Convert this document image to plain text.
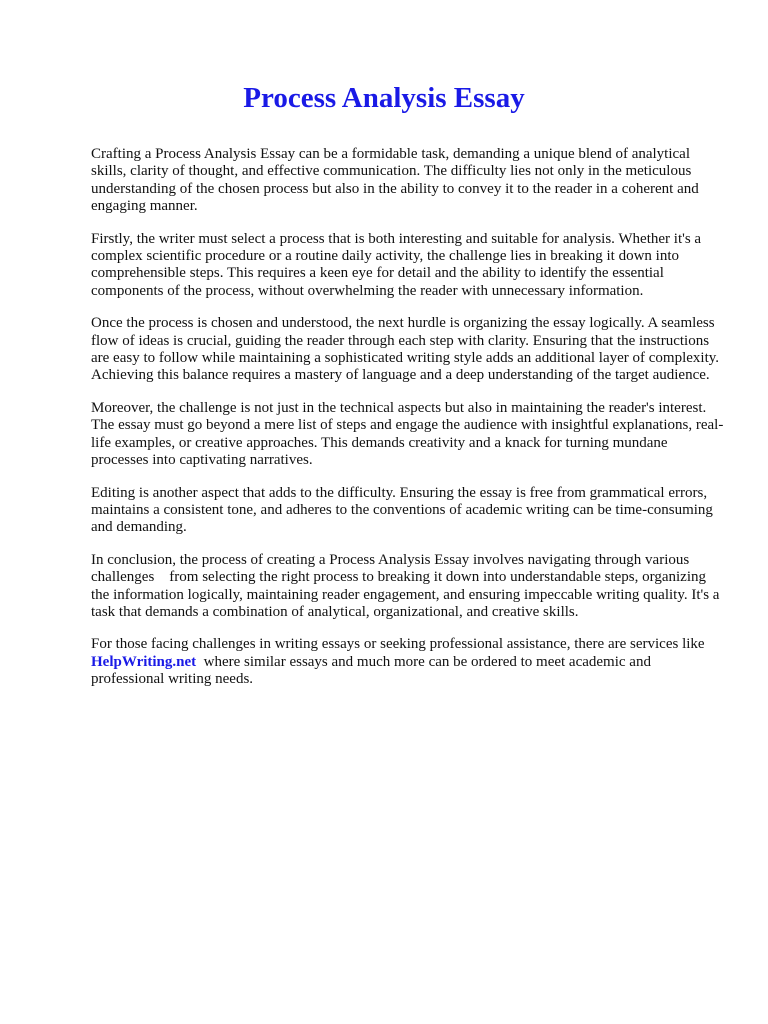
Process Analysis Essay

Crafting a Process Analysis Essay can be a formidable task, demanding a unique blend of analytical skills, clarity of thought, and effective communication. The difficulty lies not only in the meticulous understanding of the chosen process but also in the ability to convey it to the reader in a coherent and engaging manner.

Firstly, the writer must select a process that is both interesting and suitable for analysis. Whether it's a complex scientific procedure or a routine daily activity, the challenge lies in breaking it down into comprehensible steps. This requires a keen eye for detail and the ability to identify the essential components of the process, without overwhelming the reader with unnecessary information.

Once the process is chosen and understood, the next hurdle is organizing the essay logically. A seamless flow of ideas is crucial, guiding the reader through each step with clarity. Ensuring that the instructions are easy to follow while maintaining a sophisticated writing style adds an additional layer of complexity. Achieving this balance requires a mastery of language and a deep understanding of the target audience.

Moreover, the challenge is not just in the technical aspects but also in maintaining the reader's interest. The essay must go beyond a mere list of steps and engage the audience with insightful explanations, real-life examples, or creative approaches. This demands creativity and a knack for turning mundane processes into captivating narratives.

Editing is another aspect that adds to the difficulty. Ensuring the essay is free from grammatical errors, maintains a consistent tone, and adheres to the conventions of academic writing can be time-consuming and demanding.

In conclusion, the process of creating a Process Analysis Essay involves navigating through various challenges    from selecting the right process to breaking it down into understandable steps, organizing the information logically, maintaining reader engagement, and ensuring impeccable writing quality. It's a task that demands a combination of analytical, organizational, and creative skills.

For those facing challenges in writing essays or seeking professional assistance, there are services like HelpWriting.net  where similar essays and much more can be ordered to meet academic and professional writing needs.
